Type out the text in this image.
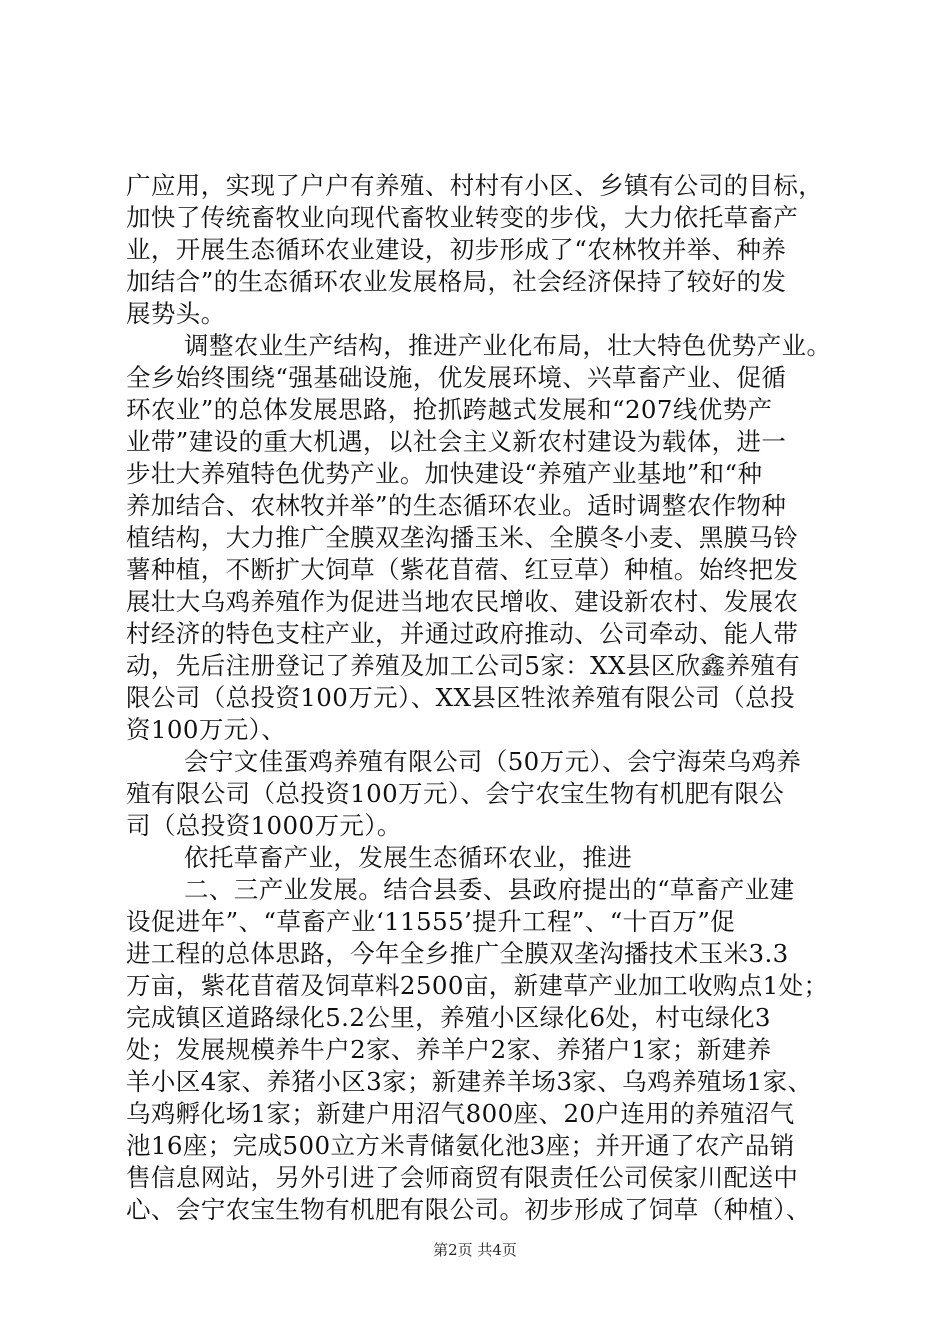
广应用，实现了户户有养殖、村村有小区、乡镇有公司的目标，
加快了传统畜牧业向现代畜牧业转变的步伐，大力依托草畜产
业，开展生态循环农业建设，初步形成了“农林牧并举、种养
加结合”的生态循环农业发展格局，社会经济保持了较好的发
展势头。
调整农业生产结构，推进产业化布局，壮大特色优势产业。
全乡始终围绕“强基础设施，优发展环境、兴草畜产业、促循
环农业”的总体发展思路，抢抓跨越式发展和“207线优势产
业带”建设的重大机遇，以社会主义新农村建设为载体，进一
步壮大养殖特色优势产业。加快建设“养殖产业基地”和“种
养加结合、农林牧并举”的生态循环农业。适时调整农作物种
植结构，大力推广全膜双垄沟播玉米、全膜冬小麦、黑膜马铃
薯种植，不断扩大饲草（紫花苜蓿、红豆草）种植。始终把发
展壮大乌鸡养殖作为促进当地农民增收、建设新农村、发展农
村经济的特色支柱产业，并通过政府推动、公司牵动、能人带
动，先后注册登记了养殖及加工公司5家：XX县区欣鑫养殖有
限公司（总投资100万元）、XX县区牲浓养殖有限公司（总投
资100万元）、
会宁文佳蛋鸡养殖有限公司（50万元）、会宁海荣乌鸡养
殖有限公司（总投资100万元）、会宁农宝生物有机肥有限公
司（总投资1000万元）。
依托草畜产业，发展生态循环农业，推进
二、三产业发展。结合县委、县政府提出的“草畜产业建
设促进年”、“草畜产业‘11555’提升工程”、“十百万”促
进工程的总体思路，今年全乡推广全膜双垄沟播技术玉米3.3
万亩，紫花苜蓿及饲草料2500亩，新建草产业加工收购点1处；
完成镇区道路绿化5.2公里，养殖小区绿化6处，村屯绿化3
处；发展规模养牛户2家、养羊户2家、养猪户1家；新建养
羊小区4家、养猪小区3家；新建养羊场3家、乌鸡养殖场1家、
乌鸡孵化场1家；新建户用沼气800座、20户连用的养殖沼气
池16座；完成500立方米青储氨化池3座；并开通了农产品销
售信息网站，另外引进了会师商贸有限责任公司侯家川配送中
心、会宁农宝生物有机肥有限公司。初步形成了饲草（种植）、
第2页 共4页
